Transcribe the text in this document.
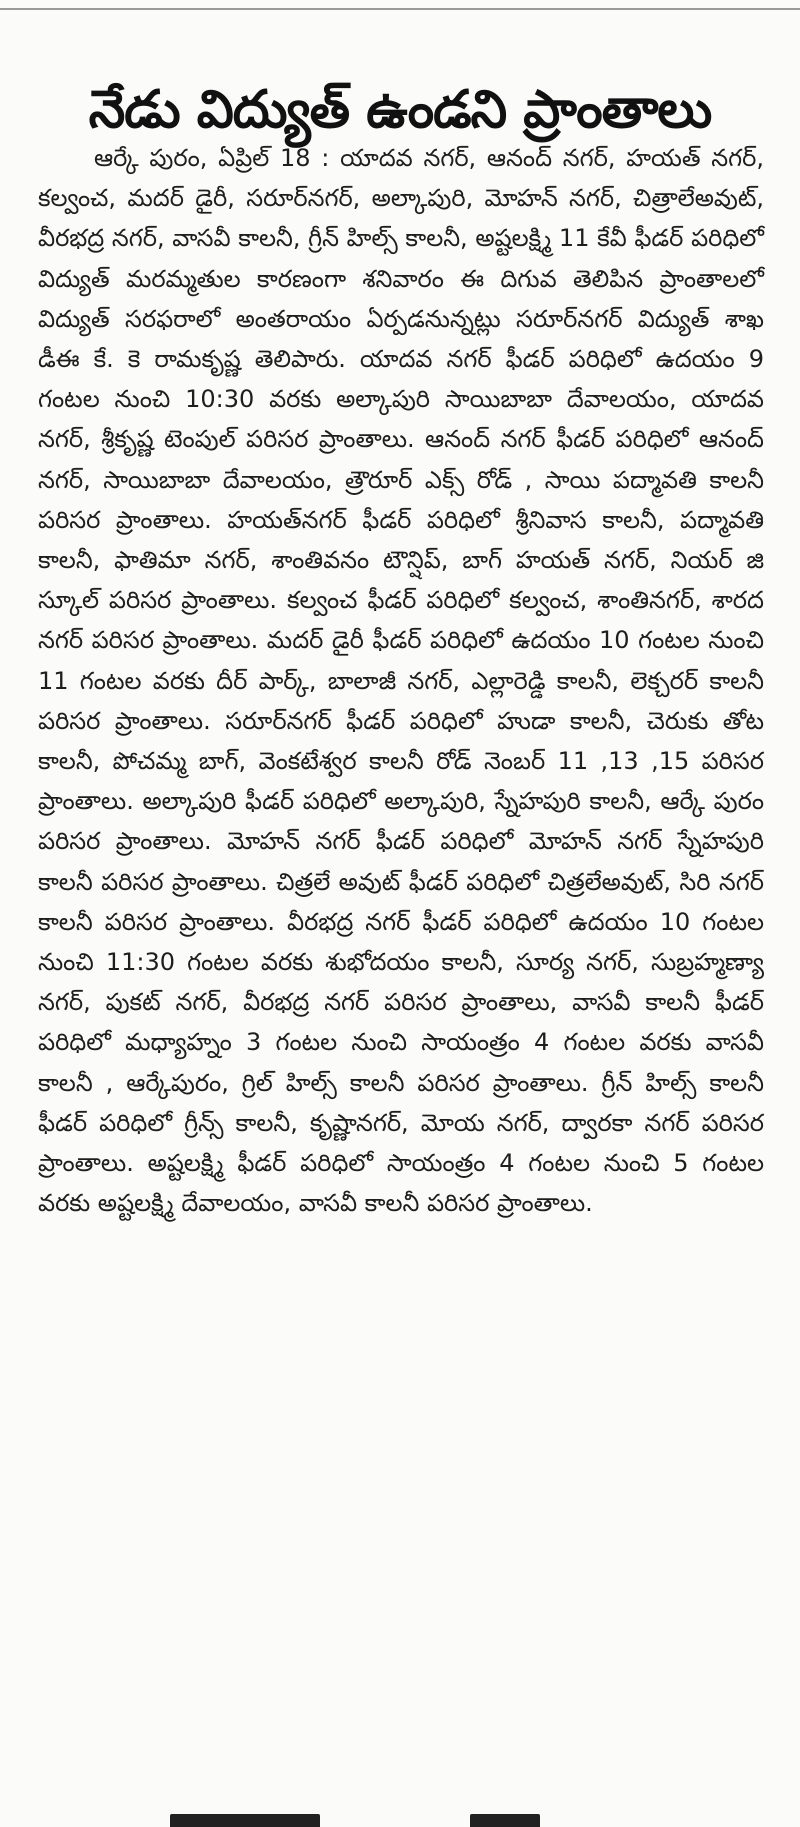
నేడు విద్యుత్ ఉండని ప్రాంతాలు
ఆర్కే పురం, ఏప్రిల్ 18 : యాదవ నగర్, ఆనంద్ నగర్, హయత్ నగర్, కల్వంచ, మదర్ డైరీ, సరూర్‌నగర్, అల్కాపురి, మోహన్ నగర్, చిత్రాలేఅవుట్, వీరభద్ర నగర్, వాసవీ కాలనీ, గ్రీన్ హిల్స్ కాలనీ, అష్టలక్ష్మి 11 కేవీ ఫీడర్ పరిధిలో విద్యుత్ మరమ్మతుల కారణంగా శనివారం ఈ దిగువ తెలిపిన ప్రాంతాలలో విద్యుత్ సరఫరాలో అంతరాయం ఏర్పడనున్నట్లు సరూర్‌నగర్ విద్యుత్ శాఖ డీఈ కే. కె రామకృష్ణ తెలిపారు. యాదవ నగర్ ఫీడర్ పరిధిలో ఉదయం 9 గంటల నుంచి 10:30 వరకు అల్కాపురి సాయిబాబా దేవాలయం, యాదవ నగర్, శ్రీకృష్ణ టెంపుల్ పరిసర ప్రాంతాలు. ఆనంద్ నగర్ ఫీడర్ పరిధిలో ఆనంద్ నగర్, సాయిబాబా దేవాలయం, త్రౌరూర్ ఎక్స్ రోడ్ , సాయి పద్మావతి కాలనీ పరిసర ప్రాంతాలు. హయత్‌నగర్ ఫీడర్ పరిధిలో శ్రీనివాస కాలనీ, పద్మావతి కాలనీ, ఫాతిమా నగర్, శాంతివనం టౌన్షిప్, బాగ్ హయత్ నగర్, నియర్ జి స్కూల్ పరిసర ప్రాంతాలు. కల్వంచ ఫీడర్ పరిధిలో కల్వంచ, శాంతినగర్, శారద నగర్ పరిసర ప్రాంతాలు. మదర్ డైరీ ఫీడర్ పరిధిలో ఉదయం 10 గంటల నుంచి 11 గంటల వరకు దీర్ పార్క్, బాలాజీ నగర్, ఎల్లారెడ్డి కాలనీ, లెక్చరర్ కాలనీ పరిసర ప్రాంతాలు. సరూర్‌నగర్ ఫీడర్ పరిధిలో హుడా కాలనీ, చెరుకు తోట కాలనీ, పోచమ్మ బాగ్, వెంకటేశ్వర కాలనీ రోడ్ నెంబర్ 11 ,13 ,15 పరిసర ప్రాంతాలు. అల్కాపురి ఫీడర్ పరిధిలో అల్కాపురి, స్నేహపురి కాలనీ, ఆర్కే పురం పరిసర ప్రాంతాలు. మోహన్ నగర్ ఫీడర్ పరిధిలో మోహన్ నగర్ స్నేహపురి కాలనీ పరిసర ప్రాంతాలు. చిత్రలే అవుట్ ఫీడర్ పరిధిలో చిత్రలేఅవుట్, సిరి నగర్ కాలనీ పరిసర ప్రాంతాలు. వీరభద్ర నగర్ ఫీడర్ పరిధిలో ఉదయం 10 గంటల నుంచి 11:30 గంటల వరకు శుభోదయం కాలనీ, సూర్య నగర్, సుబ్రహ్మణ్యా నగర్, పుకట్ నగర్, వీరభద్ర నగర్ పరిసర ప్రాంతాలు, వాసవీ కాలనీ ఫీడర్ పరిధిలో మధ్యాహ్నం 3 గంటల నుంచి సాయంత్రం 4 గంటల వరకు వాసవీ కాలనీ , ఆర్కేపురం, గ్రిల్ హిల్స్ కాలనీ పరిసర ప్రాంతాలు. గ్రీన్ హిల్స్ కాలనీ ఫీడర్ పరిధిలో గ్రీన్స్ కాలనీ, కృష్ణానగర్, మోయ నగర్, ద్వారకా నగర్ పరిసర ప్రాంతాలు. అష్టలక్ష్మి ఫీడర్ పరిధిలో సాయంత్రం 4 గంటల నుంచి 5 గంటల వరకు అష్టలక్ష్మి దేవాలయం, వాసవీ కాలనీ పరిసర ప్రాంతాలు.
